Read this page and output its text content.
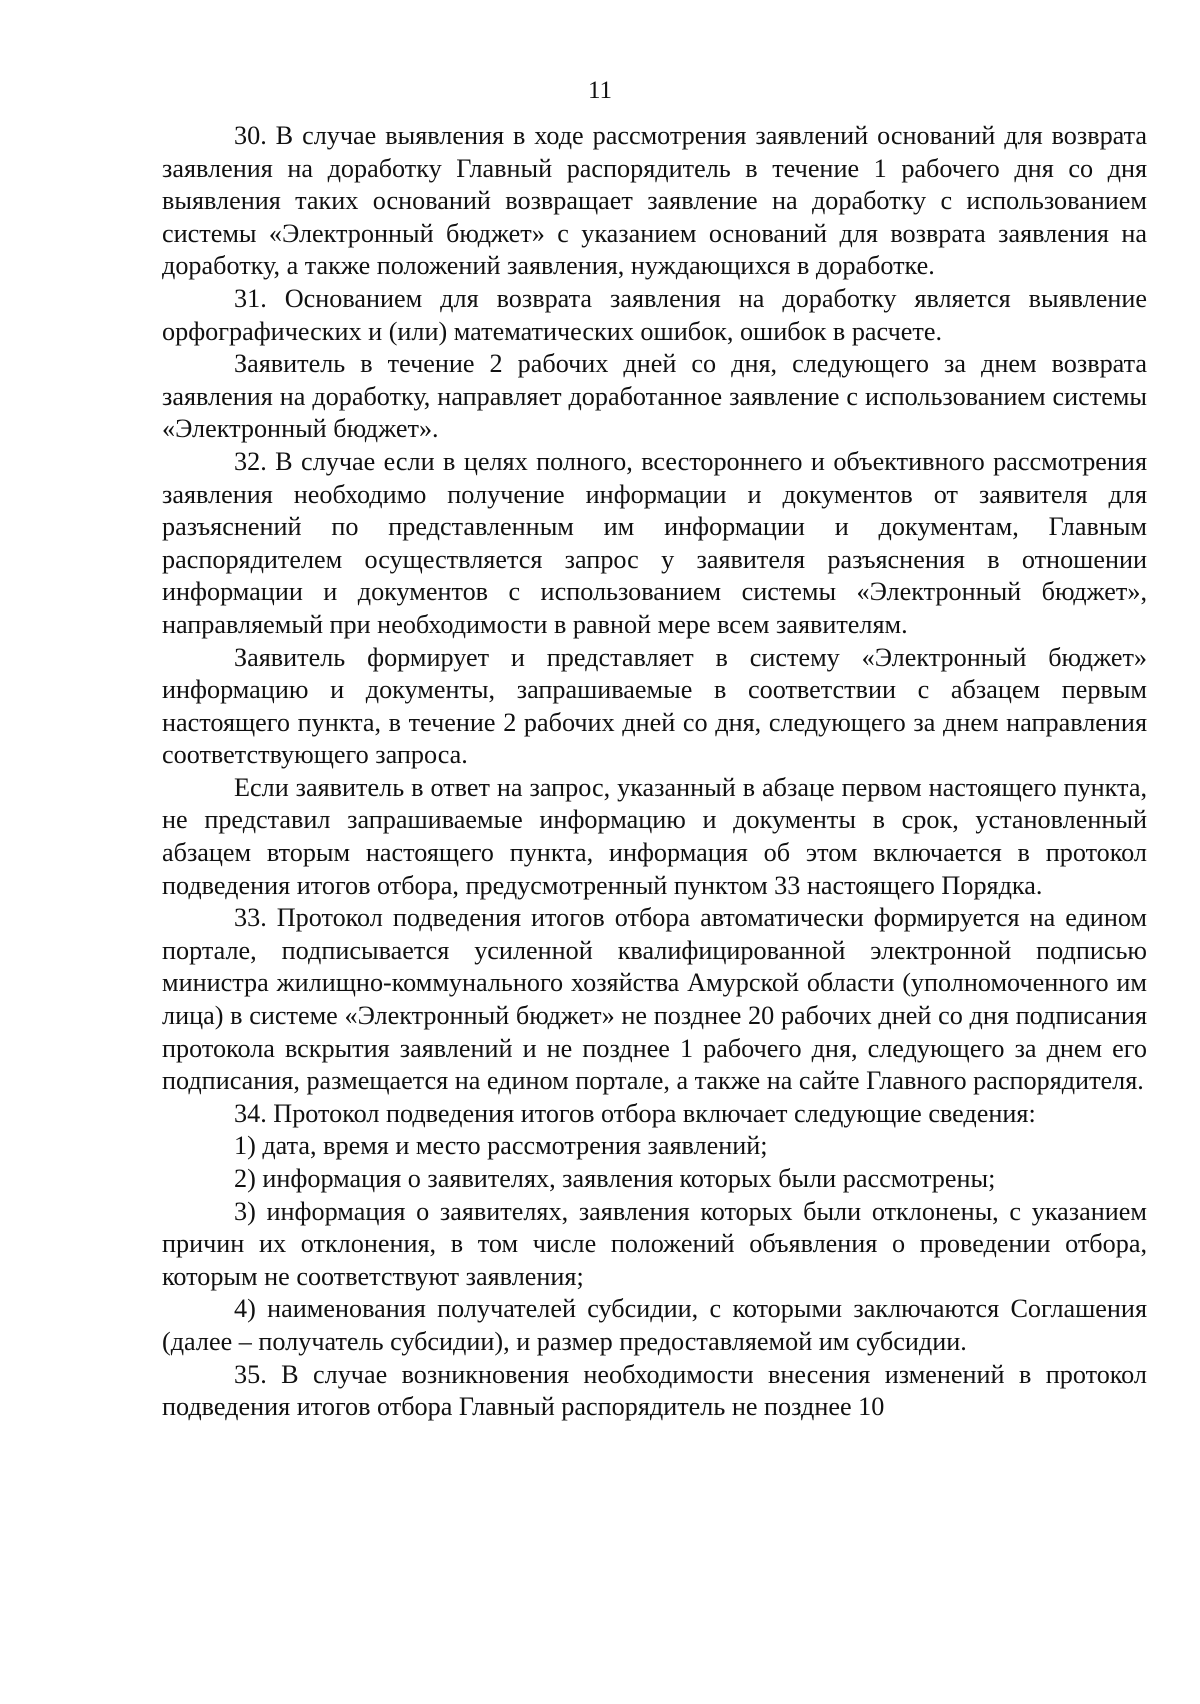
11

30. В случае выявления в ходе рассмотрения заявлений оснований для возврата заявления на доработку Главный распорядитель в течение 1 рабочего дня со дня выявления таких оснований возвращает заявление на доработку с использованием системы «Электронный бюджет» с указанием оснований для возврата заявления на доработку, а также положений заявления, нуждающихся в доработке.

31. Основанием для возврата заявления на доработку является выявление орфографических и (или) математических ошибок, ошибок в расчете.

Заявитель в течение 2 рабочих дней со дня, следующего за днем возврата заявления на доработку, направляет доработанное заявление с использованием системы «Электронный бюджет».

32. В случае если в целях полного, всестороннего и объективного рассмотрения заявления необходимо получение информации и документов от заявителя для разъяснений по представленным им информации и документам, Главным распорядителем осуществляется запрос у заявителя разъяснения в отношении информации и документов с использованием системы «Электронный бюджет», направляемый при необходимости в равной мере всем заявителям.

Заявитель формирует и представляет в систему «Электронный бюджет» информацию и документы, запрашиваемые в соответствии с абзацем первым настоящего пункта, в течение 2 рабочих дней со дня, следующего за днем направления соответствующего запроса.

Если заявитель в ответ на запрос, указанный в абзаце первом настоящего пункта, не представил запрашиваемые информацию и документы в срок, установленный абзацем вторым настоящего пункта, информация об этом включается в протокол подведения итогов отбора, предусмотренный пунктом 33 настоящего Порядка.

33. Протокол подведения итогов отбора автоматически формируется на едином портале, подписывается усиленной квалифицированной электронной подписью министра жилищно-коммунального хозяйства Амурской области (уполномоченного им лица) в системе «Электронный бюджет» не позднее 20 рабочих дней со дня подписания протокола вскрытия заявлений и не позднее 1 рабочего дня, следующего за днем его подписания, размещается на едином портале, а также на сайте Главного распорядителя.

34. Протокол подведения итогов отбора включает следующие сведения:

1) дата, время и место рассмотрения заявлений;

2) информация о заявителях, заявления которых были рассмотрены;

3) информация о заявителях, заявления которых были отклонены, с указанием причин их отклонения, в том числе положений объявления о проведении отбора, которым не соответствуют заявления;

4) наименования получателей субсидии, с которыми заключаются Соглашения (далее – получатель субсидии), и размер предоставляемой им субсидии.

35. В случае возникновения необходимости внесения изменений в протокол подведения итогов отбора Главный распорядитель не позднее 10
